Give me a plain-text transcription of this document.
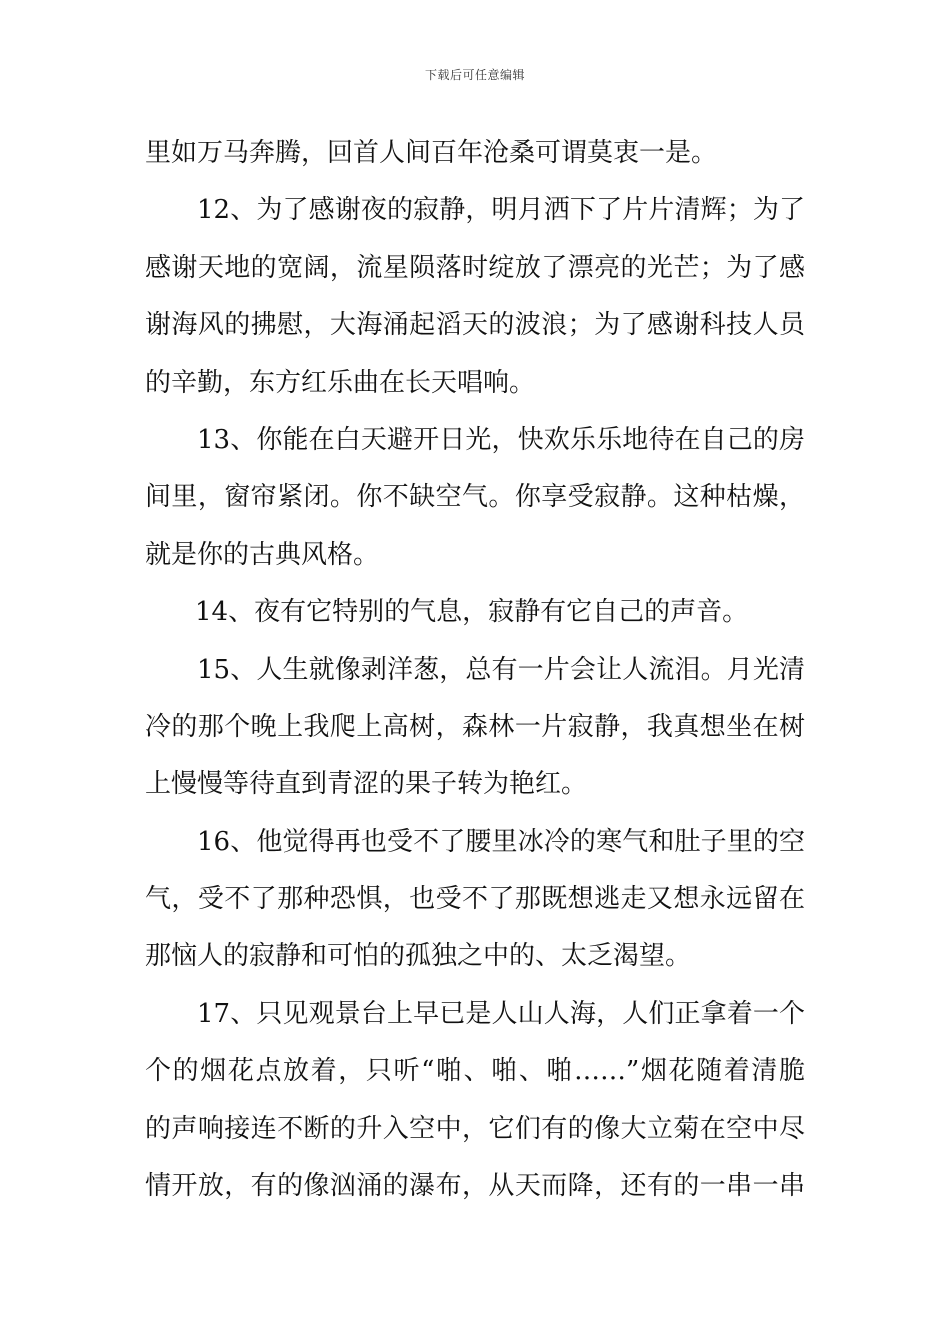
下载后可任意编辑
里如万马奔腾，回首人间百年沧桑可谓莫衷一是。
12、为了感谢夜的寂静，明月洒下了片片清辉；为了
感谢天地的宽阔，流星陨落时绽放了漂亮的光芒；为了感
谢海风的拂慰，大海涌起滔天的波浪；为了感谢科技人员
的辛勤，东方红乐曲在长天唱响。
13、你能在白天避开日光，快欢乐乐地待在自己的房
间里，窗帘紧闭。你不缺空气。你享受寂静。这种枯燥，
就是你的古典风格。
14、夜有它特别的气息，寂静有它自己的声音。
15、人生就像剥洋葱，总有一片会让人流泪。月光清
冷的那个晚上我爬上高树，森林一片寂静，我真想坐在树
上慢慢等待直到青涩的果子转为艳红。
16、他觉得再也受不了腰里冰冷的寒气和肚子里的空
气，受不了那种恐惧，也受不了那既想逃走又想永远留在
那恼人的寂静和可怕的孤独之中的、太乏渴望。
17、只见观景台上早已是人山人海，人们正拿着一个
个的烟花点放着，只听“啪、啪、啪……”烟花随着清脆
的声响接连不断的升入空中，它们有的像大立菊在空中尽
情开放，有的像汹涌的瀑布，从天而降，还有的一串一串
